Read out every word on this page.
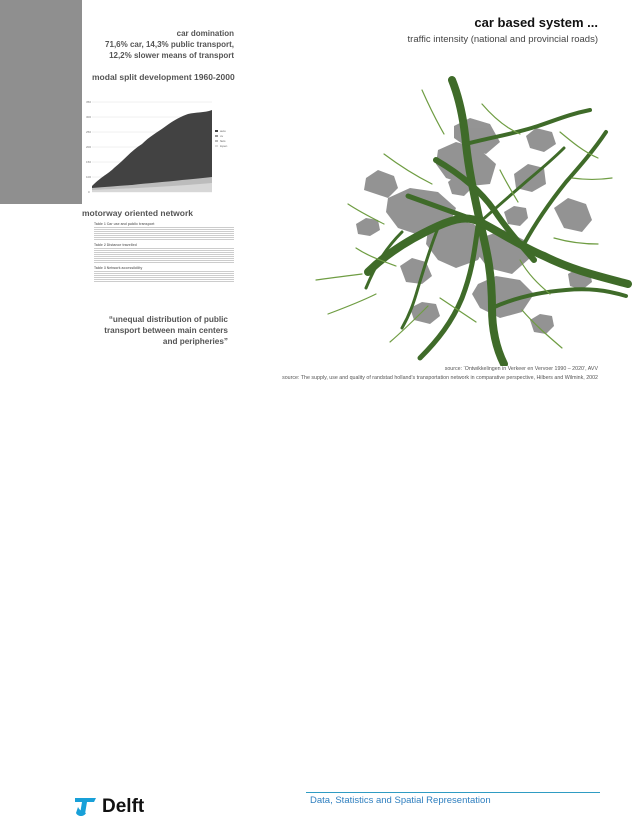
car domination
71,6% car, 14,3% public transport,
12,2% slower means of transport
modal split development 1960-2000
350
300
250
200
150
100
0
auto
ov
fiets
lopen
motorway oriented network
Table 1 Car use and public transport
Table 2 Distance travelled
Table 3 Network accessibility
“unequal distribution of public
transport between main centers
and peripheries”
car based system ...
traffic intensity (national and provincial roads)
source: ‘Ontwikkelingen in Verkeer en Vervoer 1990 – 2020’, AVV
source: The supply, use and quality of randstad holland’s transportation network in comparative perspective, Hilbers and Wilmink, 2002
Delft	Data, Statistics and Spatial Representation
